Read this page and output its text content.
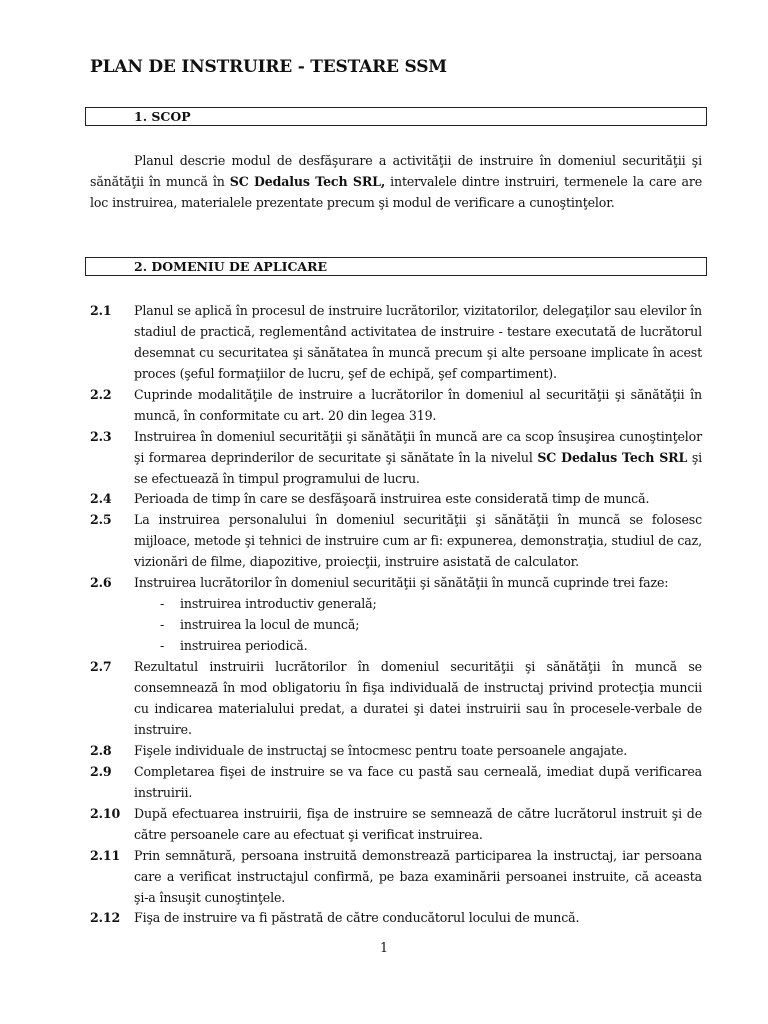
PLAN DE INSTRUIRE - TESTARE SSM
1. SCOP

Planul descrie modul de desfăşurare a activităţii de instruire în domeniul securităţii şi sănătăţii în muncă în SC Dedalus Tech SRL, intervalele dintre instruiri, termenele la care are loc instruirea, materialele prezentate precum şi modul de verificare a cunoştinţelor.

2. DOMENIU DE APLICARE
2.1	Planul se aplică în procesul de instruire lucrătorilor, vizitatorilor, delegaţilor sau elevilor în stadiul de practică, reglementând activitatea de instruire - testare executată de lucrătorul desemnat cu securitatea şi sănătatea în muncă precum şi alte persoane implicate în acest proces (şeful formaţiilor de lucru, şef de echipă, şef compartiment).
2.2	Cuprinde modalităţile de instruire a lucrătorilor în domeniul al securităţii şi sănătăţii în muncă, în conformitate cu art. 20 din legea 319.
2.3	Instruirea în domeniul securităţii şi sănătăţii în muncă are ca scop însuşirea cunoştinţelor şi formarea deprinderilor de securitate şi sănătate în la nivelul SC Dedalus Tech SRL şi se efectuează în timpul programului de lucru.
2.4	Perioada de timp în care se desfăşoară instruirea este considerată timp de muncă.
2.5	La instruirea personalului în domeniul securităţii şi sănătăţii în muncă se folosesc mijloace, metode şi tehnici de instruire cum ar fi: expunerea, demonstraţia, studiul de caz, vizionări de filme, diapozitive, proiecţii, instruire asistată de calculator.
2.6	Instruirea lucrătorilor în domeniul securităţii şi sănătăţii în muncă cuprinde trei faze:
- instruirea introductiv generală;
- instruirea la locul de muncă;
- instruirea periodică.
2.7	Rezultatul instruirii lucrătorilor în domeniul securităţii şi sănătăţii în muncă se consemnează în mod obligatoriu în fişa individuală de instructaj privind protecţia muncii cu indicarea materialului predat, a duratei şi datei instruirii sau în procesele-verbale de instruire.
2.8	Fişele individuale de instructaj se întocmesc pentru toate persoanele angajate.
2.9	Completarea fişei de instruire se va face cu pastă sau cerneală, imediat după verificarea instruirii.
2.10	După efectuarea instruirii, fişa de instruire se semnează de către lucrătorul instruit şi de către persoanele care au efectuat şi verificat instruirea.
2.11	Prin semnătură, persoana instruită demonstrează participarea la instructaj, iar persoana care a verificat instructajul confirmă, pe baza examinării persoanei instruite, că aceasta şi-a însuşit cunoştinţele.
2.12	Fişa de instruire va fi păstrată de către conducătorul locului de muncă.
1
